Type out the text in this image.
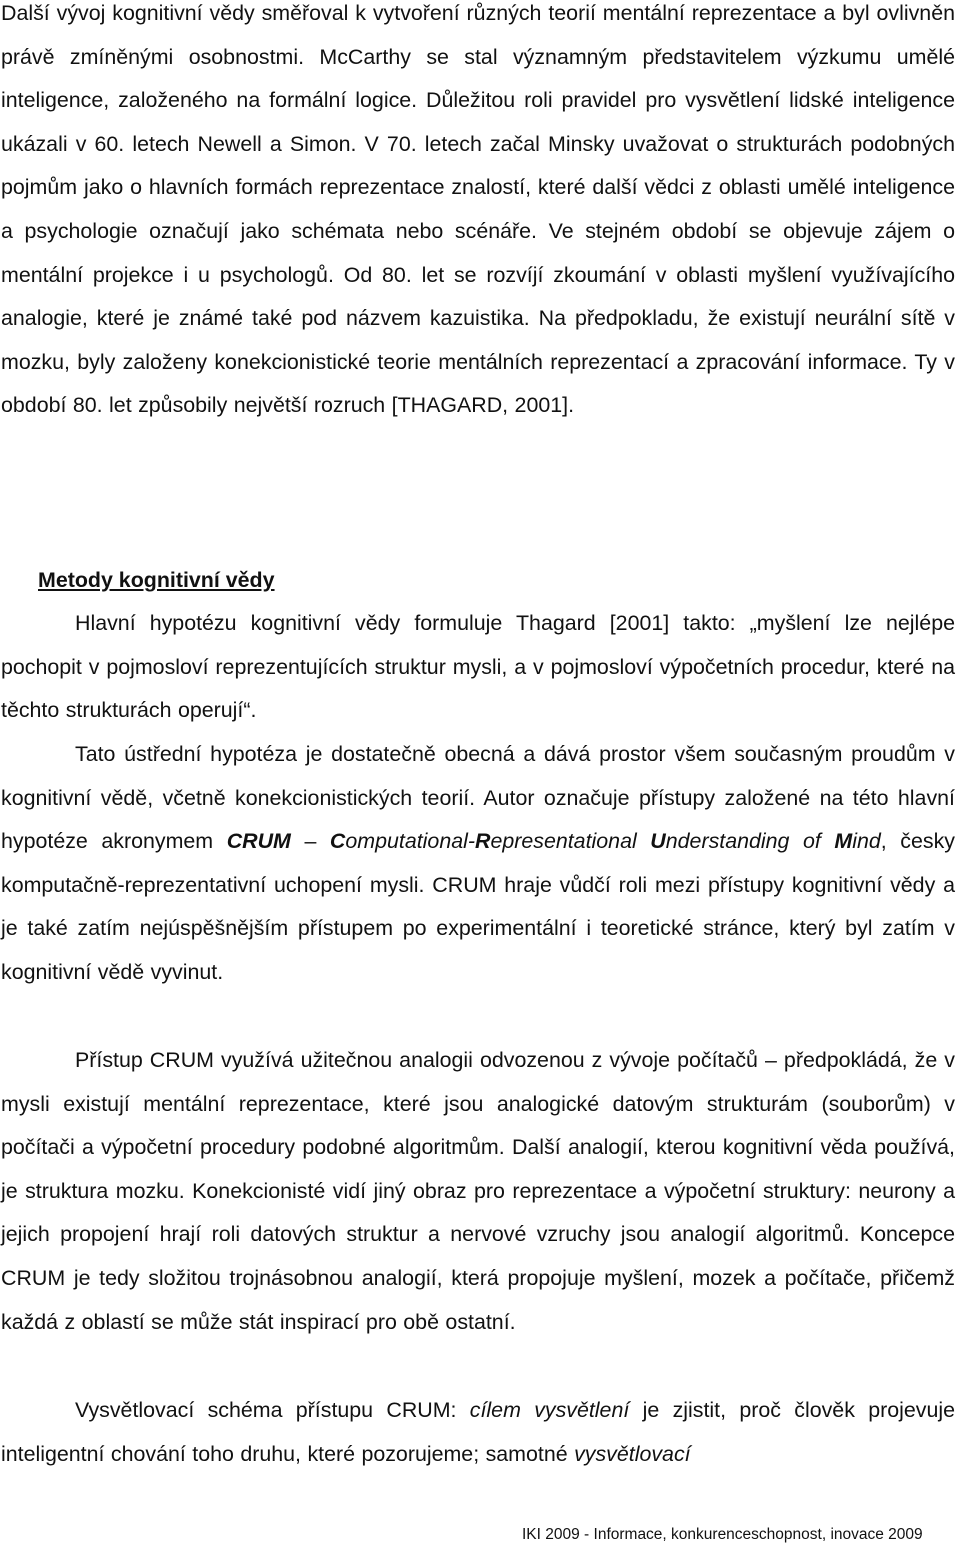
Další vývoj kognitivní vědy směřoval k vytvoření různých teorií mentální reprezentace a byl ovlivněn právě zmíněnými osobnostmi. McCarthy se stal významným představitelem výzkumu umělé inteligence, založeného na formální logice. Důležitou roli pravidel pro vysvětlení lidské inteligence ukázali v 60. letech Newell a Simon. V 70. letech začal Minsky uvažovat o strukturách podobných pojmům jako o hlavních formách reprezentace znalostí, které další vědci z oblasti umělé inteligence a psychologie označují jako schémata nebo scénáře. Ve stejném období se objevuje zájem o mentální projekce i u psychologů. Od 80. let se rozvíjí zkoumání v oblasti myšlení využívajícího analogie, které je známé také pod názvem kazuistika. Na předpokladu, že existují neurální sítě v mozku, byly založeny konekcionistické teorie mentálních reprezentací a zpracování informace. Ty v období 80. let způsobily největší rozruch [THAGARD, 2001].

Metody kognitivní vědy

Hlavní hypotézu kognitivní vědy formuluje Thagard [2001] takto: „myšlení lze nejlépe pochopit v pojmosloví reprezentujících struktur mysli, a v pojmosloví výpočetních procedur, které na těchto strukturách operují“.

Tato ústřední hypotéza je dostatečně obecná a dává prostor všem současným proudům v kognitivní vědě, včetně konekcionistických teorií. Autor označuje přístupy založené na této hlavní hypotéze akronymem CRUM – Computational-Representational Understanding of Mind, česky komputačně-reprezentativní uchopení mysli. CRUM hraje vůdčí roli mezi přístupy kognitivní vědy a je také zatím nejúspěšnějším přístupem po experimentální i teoretické stránce, který byl zatím v kognitivní vědě vyvinut.

Přístup CRUM využívá užitečnou analogii odvozenou z vývoje počítačů – předpokládá, že v mysli existují mentální reprezentace, které jsou analogické datovým strukturám (souborům) v počítači a výpočetní procedury podobné algoritmům. Další analogií, kterou kognitivní věda používá, je struktura mozku. Konekcionisté vidí jiný obraz pro reprezentace a výpočetní struktury: neurony a jejich propojení hrají roli datových struktur a nervové vzruchy jsou analogií algoritmů. Koncepce CRUM je tedy složitou trojnásobnou analogií, která propojuje myšlení, mozek a počítače, přičemž každá z oblastí se může stát inspirací pro obě ostatní.

Vysvětlovací schéma přístupu CRUM: cílem vysvětlení je zjistit, proč člověk projevuje inteligentní chování toho druhu, které pozorujeme; samotné vysvětlovací

IKI 2009 - Informace, konkurenceschopnost, inovace 2009
